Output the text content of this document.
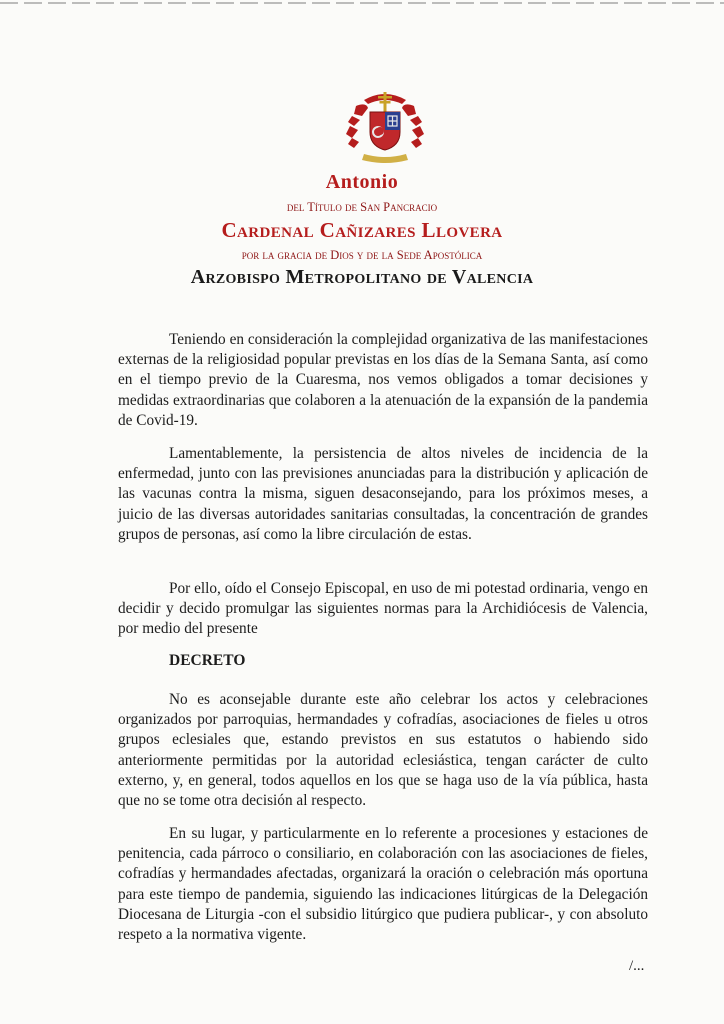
Antonio
del Título de San Pancracio
Cardenal Cañizares Llovera
por la gracia de Dios y de la Sede Apostólica
Arzobispo Metropolitano de Valencia

Teniendo en consideración la complejidad organizativa de las manifestaciones externas de la religiosidad popular previstas en los días de la Semana Santa, así como en el tiempo previo de la Cuaresma, nos vemos obligados a tomar decisiones y medidas extraordinarias que colaboren a la atenuación de la expansión de la pandemia de Covid-19.

Lamentablemente, la persistencia de altos niveles de incidencia de la enfermedad, junto con las previsiones anunciadas para la distribución y aplicación de las vacunas contra la misma, siguen desaconsejando, para los próximos meses, a juicio de las diversas autoridades sanitarias consultadas, la concentración de grandes grupos de personas, así como la libre circulación de estas.

Por ello, oído el Consejo Episcopal, en uso de mi potestad ordinaria, vengo en decidir y decido promulgar las siguientes normas para la Archidiócesis de Valencia, por medio del presente

DECRETO

No es aconsejable durante este año celebrar los actos y celebraciones organizados por parroquias, hermandades y cofradías, asociaciones de fieles u otros grupos eclesiales que, estando previstos en sus estatutos o habiendo sido anteriormente permitidas por la autoridad eclesiástica, tengan carácter de culto externo, y, en general, todos aquellos en los que se haga uso de la vía pública, hasta que no se tome otra decisión al respecto.

En su lugar, y particularmente en lo referente a procesiones y estaciones de penitencia, cada párroco o consiliario, en colaboración con las asociaciones de fieles, cofradías y hermandades afectadas, organizará la oración o celebración más oportuna para este tiempo de pandemia, siguiendo las indicaciones litúrgicas de la Delegación Diocesana de Liturgia -con el subsidio litúrgico que pudiera publicar-, y con absoluto respeto a la normativa vigente.

/...
